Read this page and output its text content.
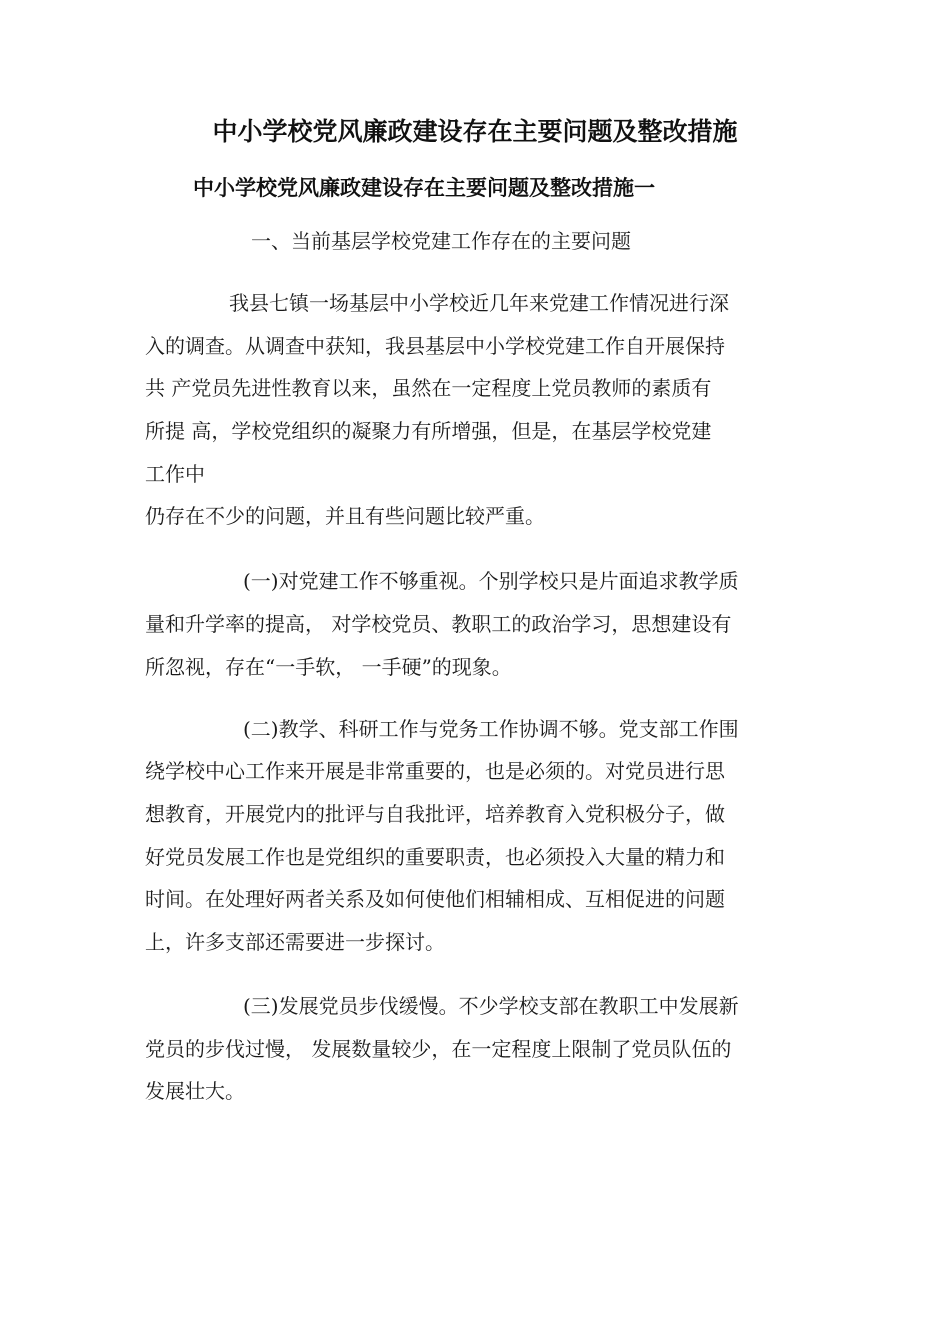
中小学校党风廉政建设存在主要问题及整改措施
中小学校党风廉政建设存在主要问题及整改措施一
一、当前基层学校党建工作存在的主要问题
我县七镇一场基层中小学校近几年来党建工作情况进行深
入的调查。从调查中获知，我县基层中小学校党建工作自开展保持
共 产党员先进性教育以来，虽然在一定程度上党员教师的素质有
所提 高，学校党组织的凝聚力有所增强，但是，在基层学校党建
工作中
仍存在不少的问题，并且有些问题比较严重。
(一)对党建工作不够重视。个别学校只是片面追求教学质
量和升学率的提高， 对学校党员、教职工的政治学习，思想建设有
所忽视，存在“一手软， 一手硬”的现象。
(二)教学、科研工作与党务工作协调不够。党支部工作围
绕学校中心工作来开展是非常重要的，也是必须的。对党员进行思
想教育，开展党内的批评与自我批评，培养教育入党积极分子，做
好党员发展工作也是党组织的重要职责，也必须投入大量的精力和
时间。在处理好两者关系及如何使他们相辅相成、互相促进的问题
上，许多支部还需要进一步探讨。
(三)发展党员步伐缓慢。不少学校支部在教职工中发展新
党员的步伐过慢， 发展数量较少，在一定程度上限制了党员队伍的
发展壮大。
